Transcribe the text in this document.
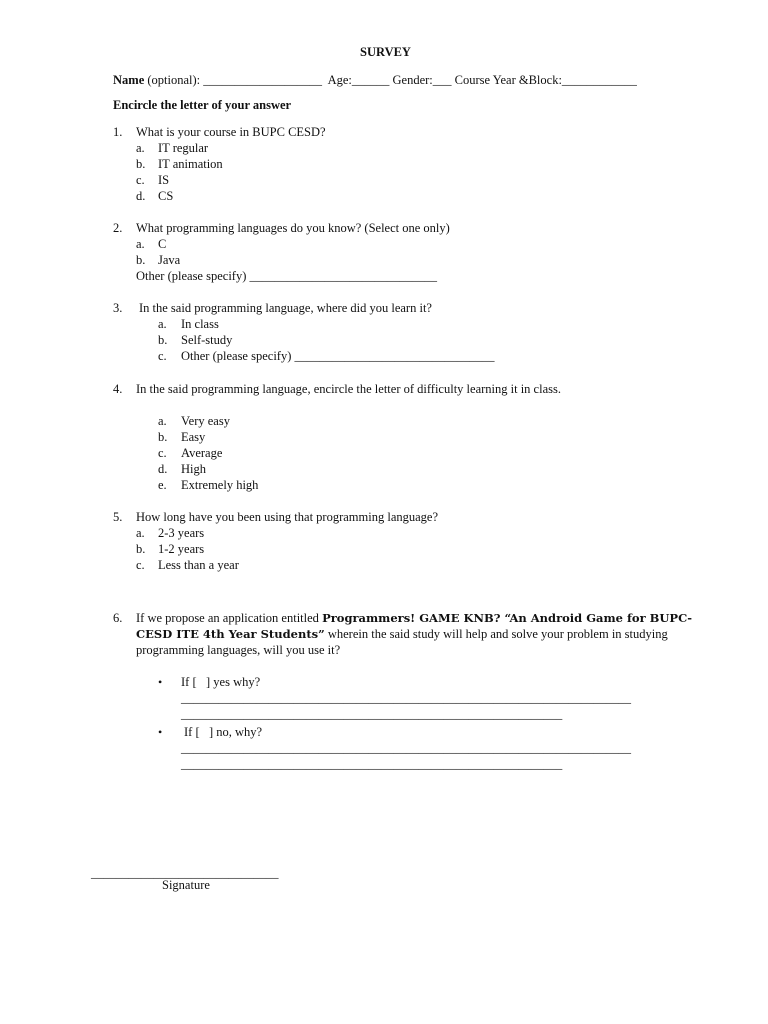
SURVEY
Name (optional): ___________________  Age:______ Gender:___ Course Year &Block:____________
Encircle the letter of your answer
1. What is your course in BUPC CESD?
a. IT regular
b. IT animation
c. IS
d. CS
2. What programming languages do you know? (Select one only)
a. C
b. Java
Other (please specify) ______________________________
3. In the said programming language, where did you learn it?
a. In class
b. Self-study
c. Other (please specify) ________________________________
4. In the said programming language, encircle the letter of difficulty learning it in class.
a. Very easy
b. Easy
c. Average
d. High
e. Extremely high
5. How long have you been using that programming language?
a. 2-3 years
b. 1-2 years
c. Less than a year
6. If we propose an application entitled Programmers! GAME KNB? “An Android Game for BUPC-
CESD ITE 4th Year Students” wherein the said study will help and solve your problem in studying
programming languages, will you use it?
• If [   ] yes why?
________________________________________________________________________
_____________________________________________________________
• If [   ] no, why?
________________________________________________________________________
_____________________________________________________________
______________________________
Signature
